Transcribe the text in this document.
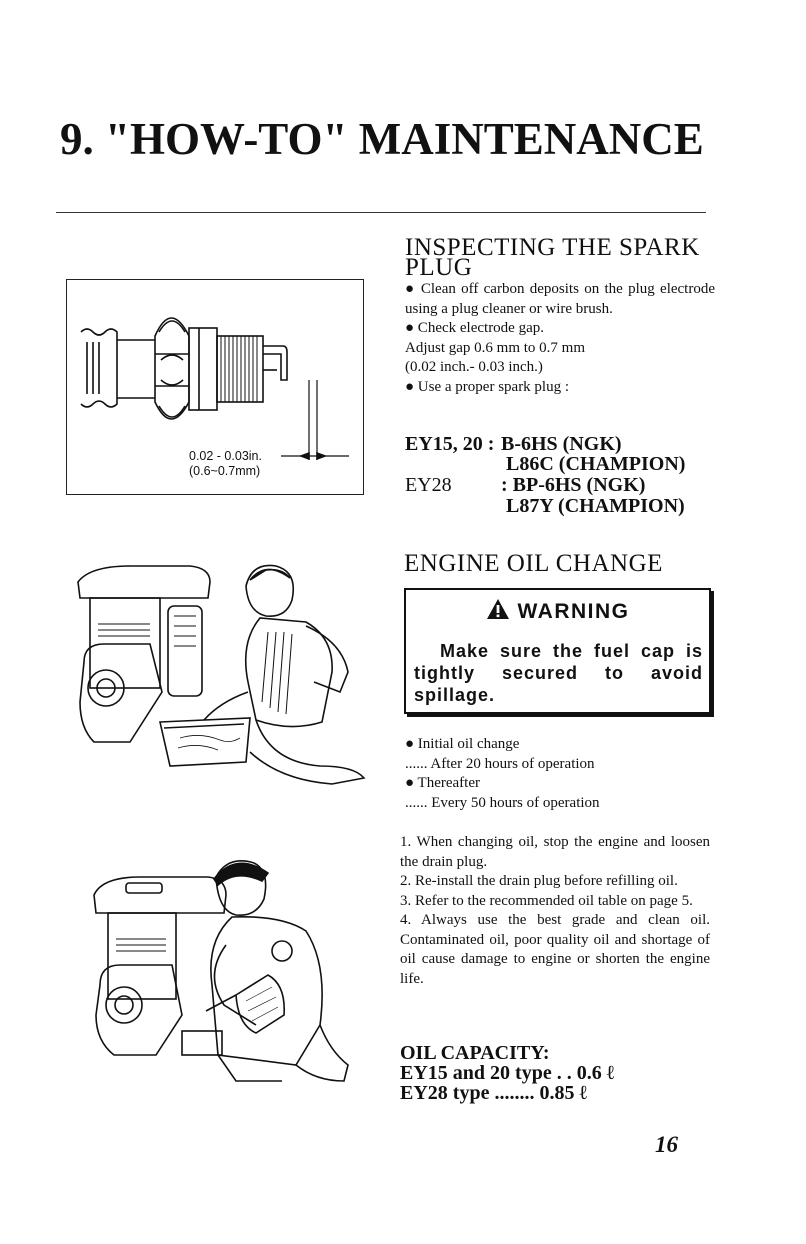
9. "HOW-TO" MAINTENANCE
0.02 - 0.03in.
(0.6~0.7mm)
INSPECTING THE SPARK
PLUG

● Clean off carbon deposits on the plug electrode using a plug cleaner or wire brush.

● Check electrode gap.

Adjust gap 0.6 mm to 0.7 mm

(0.02 inch.- 0.03 inch.)

● Use a proper spark plug :

EY15, 20 : B-6HS (NGK)
L86C (CHAMPION)
EY28 : BP-6HS (NGK)
L87Y (CHAMPION)
ENGINE OIL CHANGE
WARNING
Make sure the fuel cap is tightly secured to avoid spillage.

● Initial oil change

...... After 20 hours of operation

● Thereafter

...... Every 50 hours of operation

1. When changing oil, stop the engine and loosen the drain plug.

2. Re-install the drain plug before refilling oil.

3. Refer to the recommended oil table on page 5.

4. Always use the best grade and clean oil. Contaminated oil, poor quality oil and shortage of oil cause damage to engine or shorten the engine life.

OIL CAPACITY:
EY15 and 20 type . . 0.6 ℓ
EY28 type ........ 0.85 ℓ
16
